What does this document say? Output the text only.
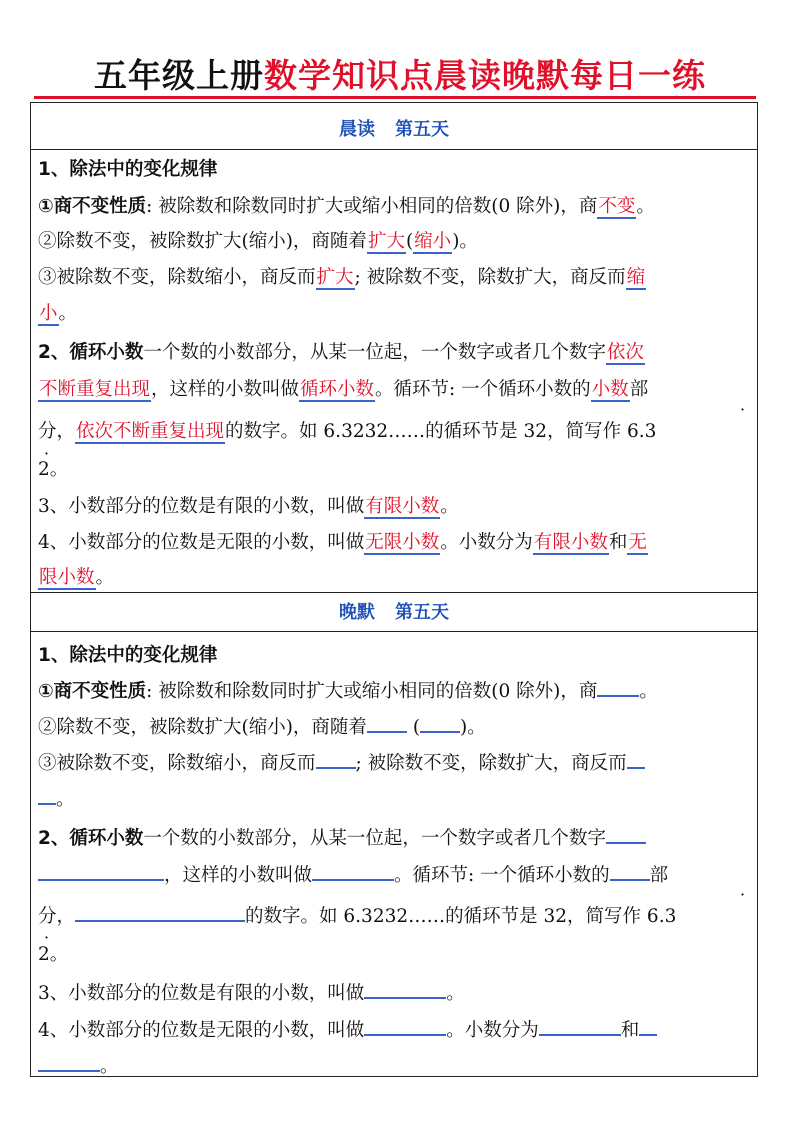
五年级上册数学知识点晨读晚默每日一练
晨读 第五天
1、除法中的变化规律
①商不变性质: 被除数和除数同时扩大或缩小相同的倍数(0 除外)，商不变。
②除数不变，被除数扩大(缩小)，商随着扩大(缩小)。
③被除数不变，除数缩小，商反而扩大; 被除数不变，除数扩大，商反而缩
小。
2、循环小数一个数的小数部分，从某一位起，一个数字或者几个数字依次
不断重复出现，这样的小数叫做循环小数。循环节: 一个循环小数的小数部
·
分，依次不断重复出现的数字。如 6.3232……的循环节是 32，简写作 6.3
·
2。
3、小数部分的位数是有限的小数，叫做有限小数。
4、小数部分的位数是无限的小数，叫做无限小数。小数分为有限小数和无
限小数。
晚默 第五天
1、除法中的变化规律
①商不变性质: 被除数和除数同时扩大或缩小相同的倍数(0 除外)，商 。
②除数不变，被除数扩大(缩小)，商随着 ( )。
③被除数不变，除数缩小，商反而 ; 被除数不变，除数扩大，商反而
。
2、循环小数一个数的小数部分，从某一位起，一个数字或者几个数字
，这样的小数叫做	。循环节: 一个循环小数的 部
·
分，	的数字。如 6.3232……的循环节是 32，简写作 6.3
·
2。
3、小数部分的位数是有限的小数，叫做	。
4、小数部分的位数是无限的小数，叫做	。小数分为	和
。
